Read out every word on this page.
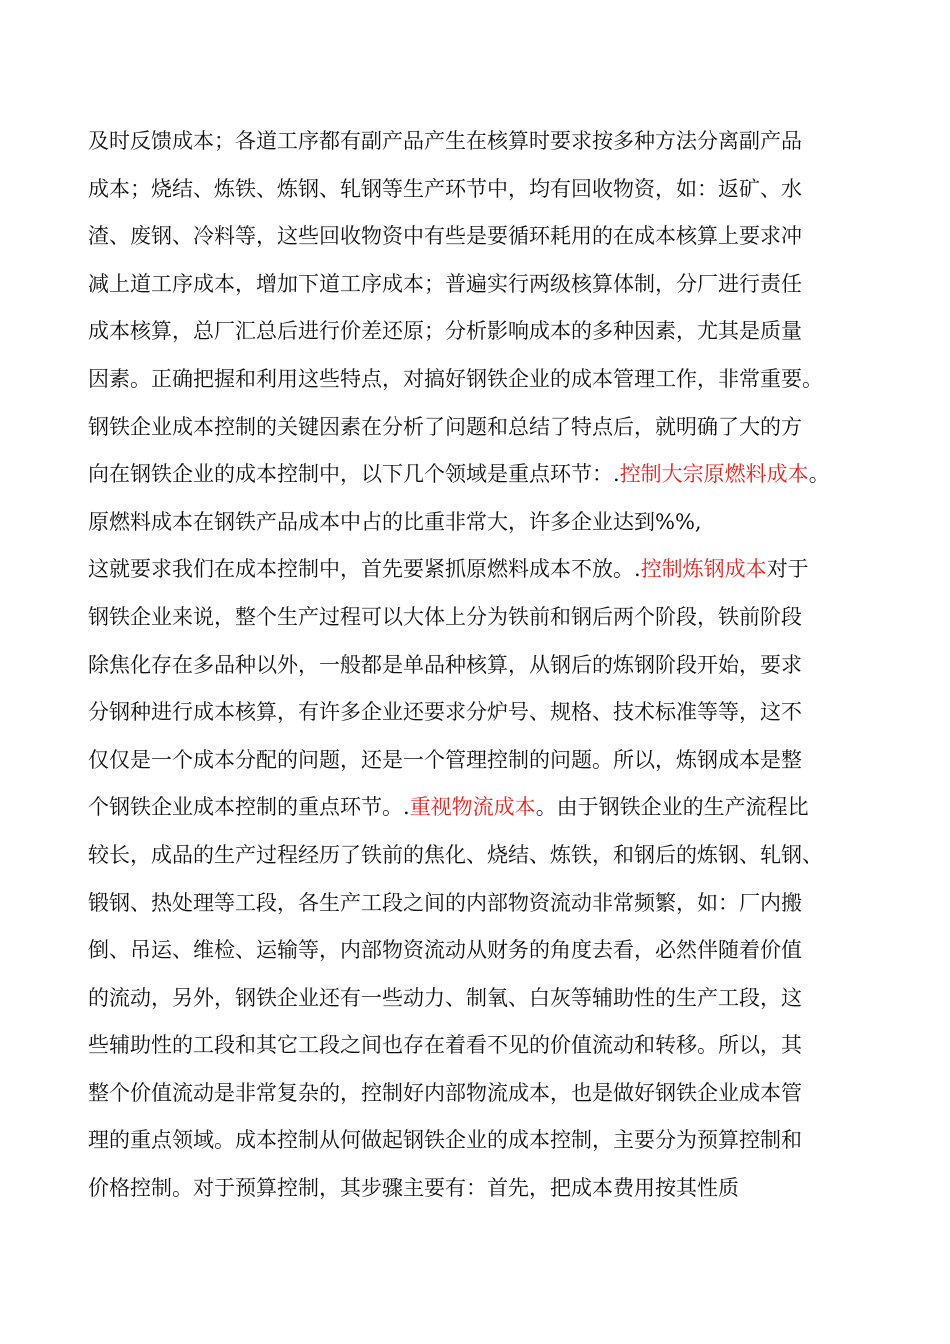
及时反馈成本；各道工序都有副产品产生在核算时要求按多种方法分离副产品
成本；烧结、炼铁、炼钢、轧钢等生产环节中，均有回收物资，如：返矿、水
渣、废钢、冷料等，这些回收物资中有些是要循环耗用的在成本核算上要求冲
减上道工序成本，增加下道工序成本；普遍实行两级核算体制，分厂进行责任
成本核算，总厂汇总后进行价差还原；分析影响成本的多种因素，尤其是质量
因素。正确把握和利用这些特点，对搞好钢铁企业的成本管理工作，非常重要。
钢铁企业成本控制的关键因素在分析了问题和总结了特点后，就明确了大的方
向在钢铁企业的成本控制中，以下几个领域是重点环节：.控制大宗原燃料成本。
原燃料成本在钢铁产品成本中占的比重非常大，许多企业达到%%,
这就要求我们在成本控制中，首先要紧抓原燃料成本不放。.控制炼钢成本对于
钢铁企业来说，整个生产过程可以大体上分为铁前和钢后两个阶段，铁前阶段
除焦化存在多品种以外，一般都是单品种核算，从钢后的炼钢阶段开始，要求
分钢种进行成本核算，有许多企业还要求分炉号、规格、技术标准等等，这不
仅仅是一个成本分配的问题，还是一个管理控制的问题。所以，炼钢成本是整
个钢铁企业成本控制的重点环节。.重视物流成本。由于钢铁企业的生产流程比
较长，成品的生产过程经历了铁前的焦化、烧结、炼铁，和钢后的炼钢、轧钢、
锻钢、热处理等工段，各生产工段之间的内部物资流动非常频繁，如：厂内搬
倒、吊运、维检、运输等，内部物资流动从财务的角度去看，必然伴随着价值
的流动，另外，钢铁企业还有一些动力、制氧、白灰等辅助性的生产工段，这
些辅助性的工段和其它工段之间也存在着看不见的价值流动和转移。所以，其
整个价值流动是非常复杂的，控制好内部物流成本，也是做好钢铁企业成本管
理的重点领域。成本控制从何做起钢铁企业的成本控制，主要分为预算控制和
价格控制。对于预算控制，其步骤主要有：首先，把成本费用按其性质
